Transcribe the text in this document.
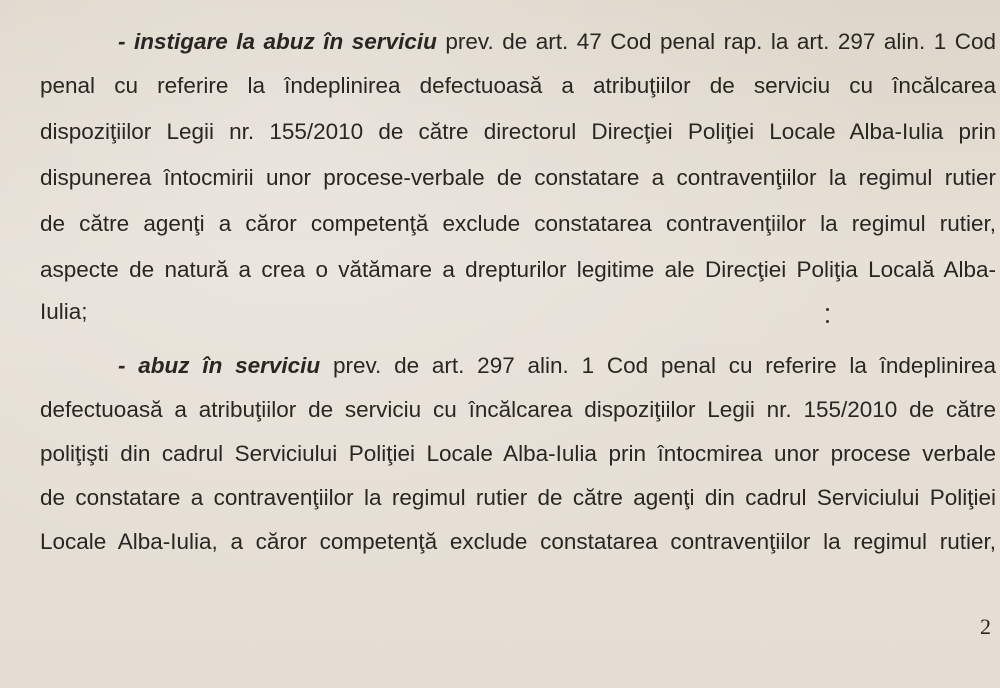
- instigare la abuz în serviciu prev. de art. 47 Cod penal rap. la art. 297 alin. 1 Cod
penal cu referire la îndeplinirea defectuoasă a atribuţiilor de serviciu cu încălcarea
dispoziţiilor Legii nr. 155/2010 de către directorul Direcţiei Poliţiei Locale Alba-Iulia prin
dispunerea întocmirii unor procese-verbale de constatare a contravenţiilor la regimul rutier
de către agenţi a căror competenţă exclude constatarea contravenţiilor la regimul rutier,
aspecte de natură a crea o vătămare a drepturilor legitime ale Direcţiei Poliţia Locală Alba-
Iulia;
- abuz în serviciu prev. de art. 297 alin. 1 Cod penal cu referire la îndeplinirea
defectuoasă a atribuţiilor de serviciu cu încălcarea dispoziţiilor Legii nr. 155/2010 de către
poliţişti din cadrul Serviciului Poliţiei Locale Alba-Iulia prin întocmirea unor procese verbale
de constatare a contravenţiilor la regimul rutier de către agenţi din cadrul Serviciului Poliţiei
Locale Alba-Iulia, a căror competenţă exclude constatarea contravenţiilor la regimul rutier,
2
